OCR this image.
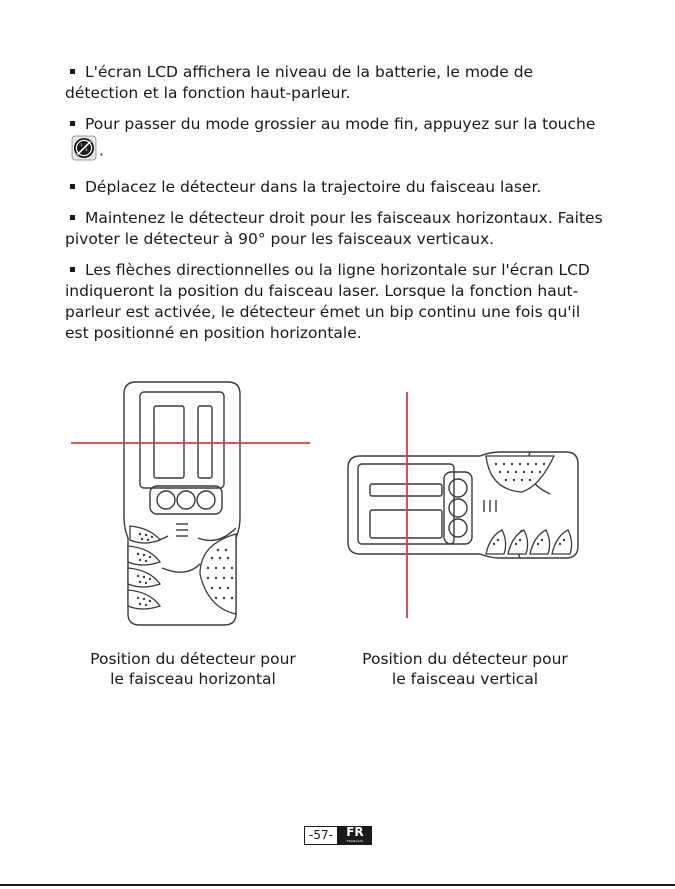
L'écran LCD affichera le niveau de la batterie, le mode de détection et la fonction haut-parleur.

Pour passer du mode grossier au mode fin, appuyez sur la touche
¹
² .

Déplacez le détecteur dans la trajectoire du faisceau laser.

Maintenez le détecteur droit pour les faisceaux horizontaux. Faites pivoter le détecteur à 90° pour les faisceaux verticaux.

Les flèches directionnelles ou la ligne horizontale sur l'écran LCD indiqueront la position du faisceau laser. Lorsque la fonction haut-parleur est activée, le détecteur émet un bip continu une fois qu'il est positionné en position horizontale.

Position du détecteur pour
le faisceau horizontal
Position du détecteur pour
le faisceau vertical
-57-	FR
FRANÇAIS
